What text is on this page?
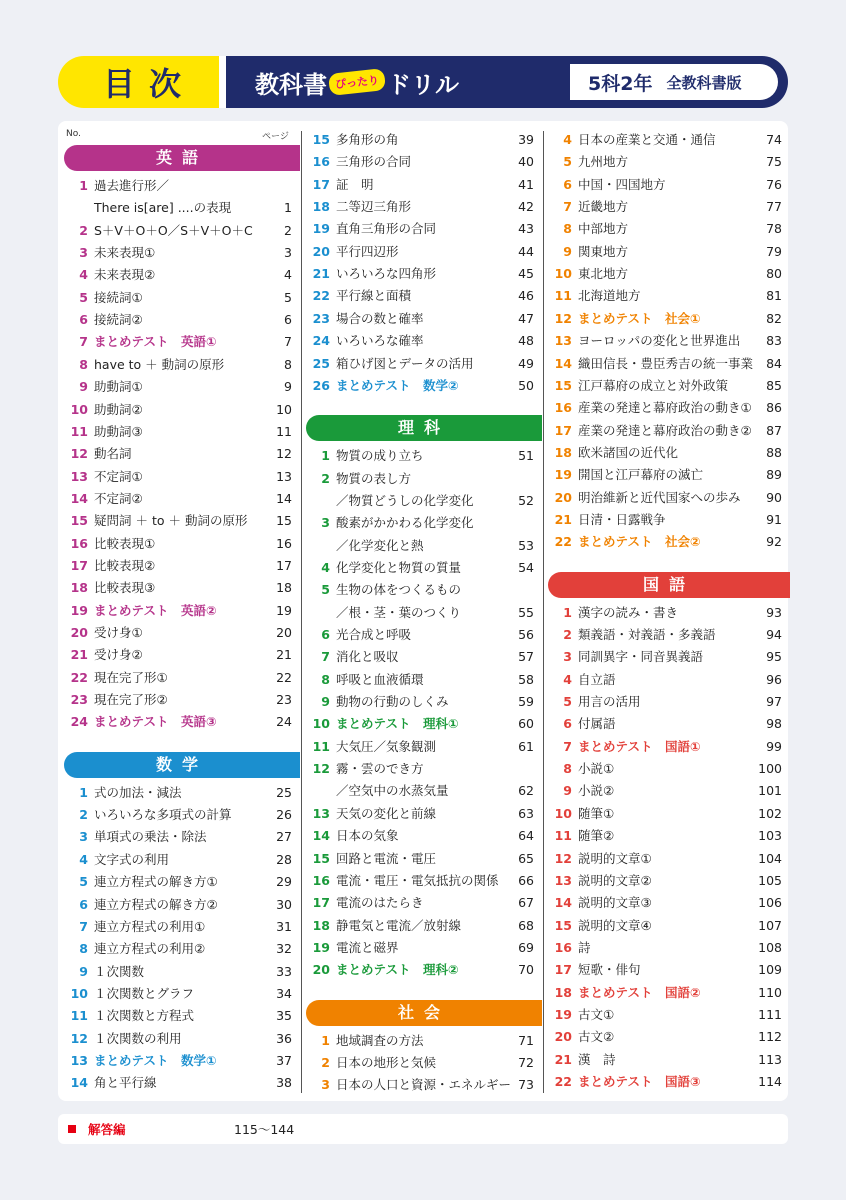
目次	教科書 ぴったり ドリル	5科2年 全教科書版
No.	ページ
英語
1 過去進行形／
There is[are] ....の表現	1
2 S＋V＋O＋O／S＋V＋O＋C	2
3 未来表現①	3
4 未来表現②	4
5 接続詞①	5
6 接続詞②	6
7 まとめテスト　英語①	7
8 have to ＋ 動詞の原形	8
9 助動詞①	9
10 助動詞②	10
11 助動詞③	11
12 動名詞	12
13 不定詞①	13
14 不定詞②	14
15 疑問詞 ＋ to ＋ 動詞の原形 15
16 比較表現①	16
17 比較表現②	17
18 比較表現③	18
19 まとめテスト　英語②	19
20 受け身①	20
21 受け身②	21
22 現在完了形①	22
23 現在完了形②	23
24 まとめテスト　英語③	24
数学
1 式の加法・減法	25
2 いろいろな多項式の計算	26
3 単項式の乗法・除法	27
4 文字式の利用	28
5 連立方程式の解き方①	29
6 連立方程式の解き方②	30
7 連立方程式の利用①	31
8 連立方程式の利用②	32
9 １次関数	33
10 １次関数とグラフ	34
11 １次関数と方程式	35
12 １次関数の利用	36
13 まとめテスト　数学①	37
14 角と平行線	38
15 多角形の角	39
16 三角形の合同	40
17 証　明	41
18 二等辺三角形	42
19 直角三角形の合同	43
20 平行四辺形	44
21 いろいろな四角形	45
22 平行線と面積	46
23 場合の数と確率	47
24 いろいろな確率	48
25 箱ひげ図とデータの活用	49
26 まとめテスト　数学②	50
理科
1 物質の成り立ち	51
2 物質の表し方
／物質どうしの化学変化	52
3 酸素がかかわる化学変化
／化学変化と熱	53
4 化学変化と物質の質量	54
5 生物の体をつくるもの
／根・茎・葉のつくり	55
6 光合成と呼吸	56
7 消化と吸収	57
8 呼吸と血液循環	58
9 動物の行動のしくみ	59
10 まとめテスト　理科①	60
11 大気圧／気象観測	61
12 霧・雲のでき方
／空気中の水蒸気量	62
13 天気の変化と前線	63
14 日本の気象	64
15 回路と電流・電圧	65
16 電流・電圧・電気抵抗の関係 66
17 電流のはたらき	67
18 静電気と電流／放射線	68
19 電流と磁界	69
20 まとめテスト　理科②	70
社会
1 地域調査の方法	71
2 日本の地形と気候	72
3 日本の人口と資源・エネルギー 73
4 日本の産業と交通・通信	74
5 九州地方	75
6 中国・四国地方	76
7 近畿地方	77
8 中部地方	78
9 関東地方	79
10 東北地方	80
11 北海道地方	81
12 まとめテスト　社会①	82
13 ヨーロッパの変化と世界進出 83
14 織田信長・豊臣秀吉の統一事業 84
15 江戸幕府の成立と対外政策	85
16 産業の発達と幕府政治の動き① 86
17 産業の発達と幕府政治の動き② 87
18 欧米諸国の近代化	88
19 開国と江戸幕府の滅亡	89
20 明治維新と近代国家への歩み 90
21 日清・日露戦争	91
22 まとめテスト　社会②	92
国語
1 漢字の読み・書き	93
2 類義語・対義語・多義語	94
3 同訓異字・同音異義語	95
4 自立語	96
5 用言の活用	97
6 付属語	98
7 まとめテスト　国語①	99
8 小説①	100
9 小説②	101
10 随筆①	102
11 随筆②	103
12 説明的文章①	104
13 説明的文章②	105
14 説明的文章③	106
15 説明的文章④	107
16 詩	108
17 短歌・俳句	109
18 まとめテスト　国語②	110
19 古文①	111
20 古文②	112
21 漢　詩	113
22 まとめテスト　国語③	114
解答編	115〜144
